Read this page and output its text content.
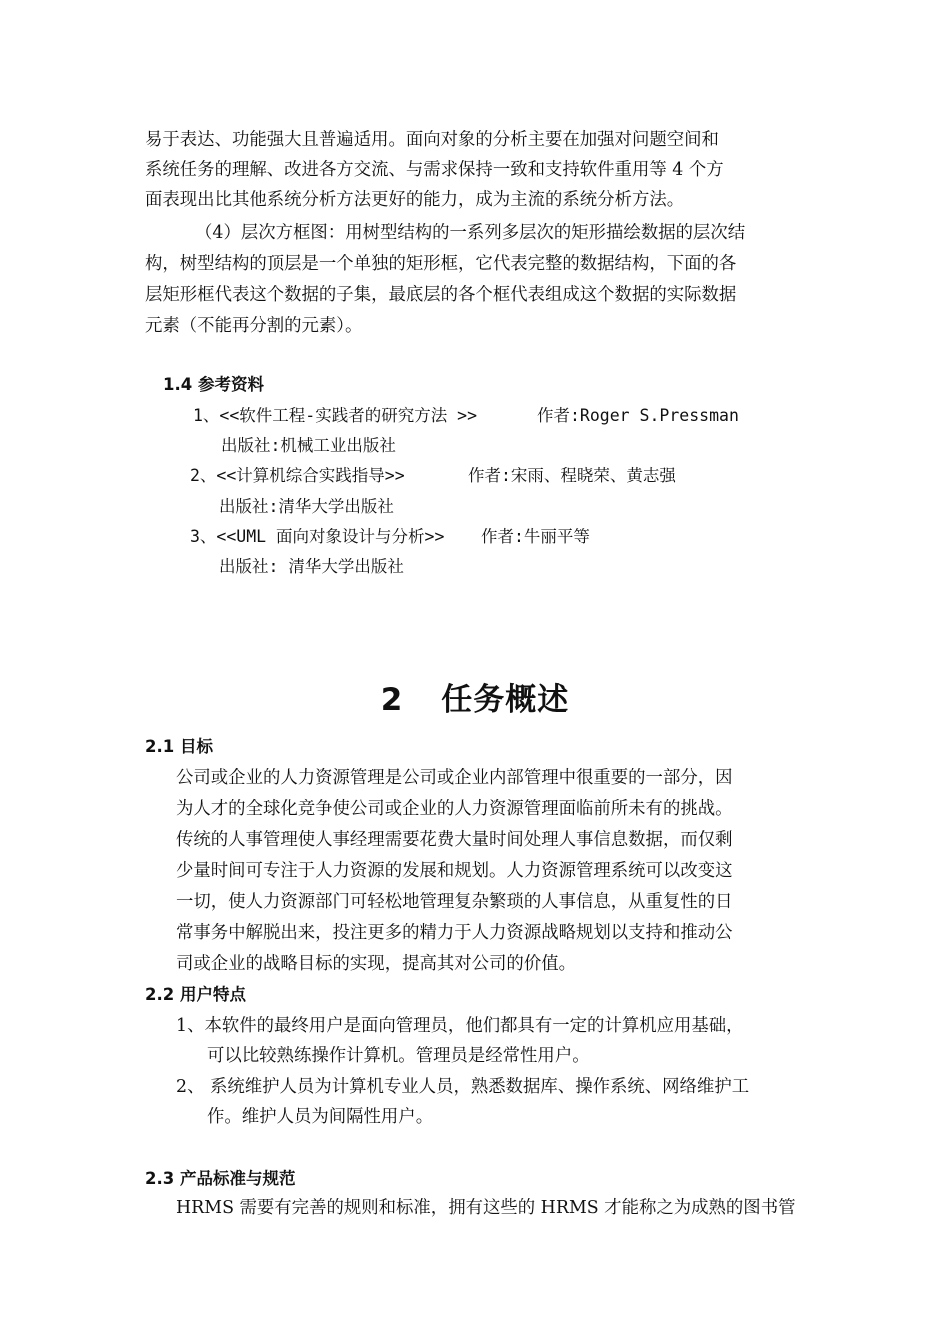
易于表达、功能强大且普遍适用。面向对象的分析主要在加强对问题空间和
系统任务的理解、改进各方交流、与需求保持一致和支持软件重用等 4 个方
面表现出比其他系统分析方法更好的能力，成为主流的系统分析方法。
（4）层次方框图：用树型结构的一系列多层次的矩形描绘数据的层次结
构，树型结构的顶层是一个单独的矩形框，它代表完整的数据结构，下面的各
层矩形框代表这个数据的子集，最底层的各个框代表组成这个数据的实际数据
元素（不能再分割的元素）。
1.4 参考资料
1、<<软件工程-实践者的研究方法 >>	作者:Roger S.Pressman
出版社:机械工业出版社
2、<<计算机综合实践指导>>	作者:宋雨、程晓荣、黄志强
出版社:清华大学出版社
3、<<UML 面向对象设计与分析>> 作者:牛丽平等
出版社: 清华大学出版社
2 任务概述
2.1 目标
公司或企业的人力资源管理是公司或企业内部管理中很重要的一部分，因
为人才的全球化竞争使公司或企业的人力资源管理面临前所未有的挑战。
传统的人事管理使人事经理需要花费大量时间处理人事信息数据，而仅剩
少量时间可专注于人力资源的发展和规划。人力资源管理系统可以改变这
一切，使人力资源部门可轻松地管理复杂繁琐的人事信息，从重复性的日
常事务中解脱出来，投注更多的精力于人力资源战略规划以支持和推动公
司或企业的战略目标的实现，提高其对公司的价值。
2.2 用户特点
1、本软件的最终用户是面向管理员，他们都具有一定的计算机应用基础，
可以比较熟练操作计算机。管理员是经常性用户。
2、 系统维护人员为计算机专业人员，熟悉数据库、操作系统、网络维护工
作。维护人员为间隔性用户。
2.3 产品标准与规范
HRMS 需要有完善的规则和标准，拥有这些的 HRMS 才能称之为成熟的图书管
